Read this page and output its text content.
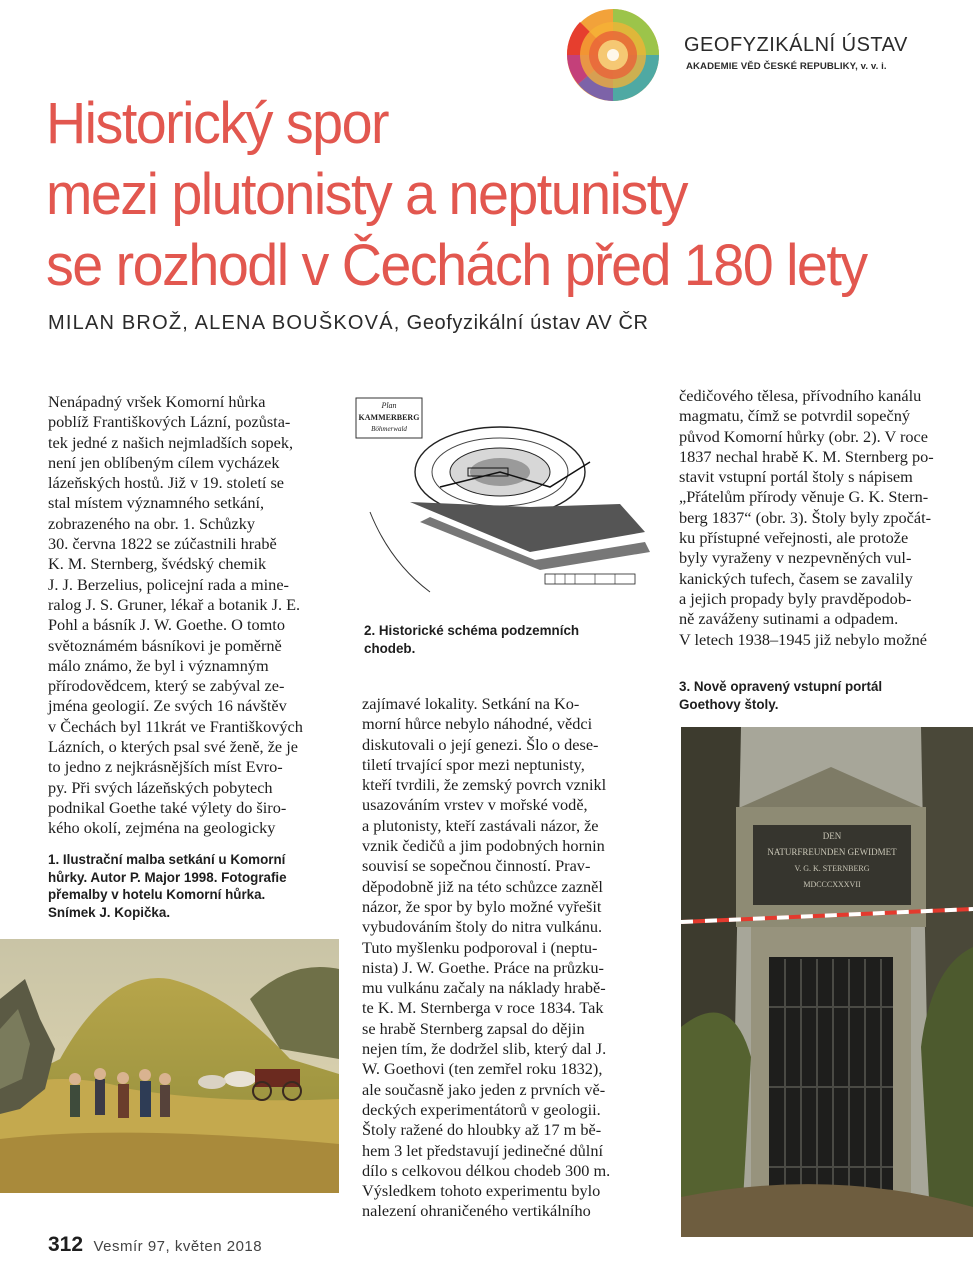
GEOFYZIKÁLNÍ ÚSTAV
AKADEMIE VĚD ČESKÉ REPUBLIKY, v. v. i.
Historický spor
mezi plutonisty a neptunisty
se rozhodl v Čechách před 180 lety
MILAN BROŽ, ALENA BOUŠKOVÁ, Geofyzikální ústav AV ČR
Nenápadný vršek Komorní hůrka
poblíž Františkových Lázní, pozůsta-
tek jedné z našich nejmladších sopek,
není jen oblíbeným cílem vycházek
lázeňských hostů. Již v 19. století se
stal místem významného setkání,
zobrazeného na obr. 1. Schůzky
30. června 1822 se zúčastnili hrabě
K. M. Sternberg, švédský chemik
J. J. Berzelius, policejní rada a mine-
ralog J. S. Gruner, lékař a botanik J. E.
Pohl a básník J. W. Goethe. O tomto
světoznámém básníkovi je poměrně
málo známo, že byl i významným
přírodovědcem, který se zabýval ze-
jména geologií. Ze svých 16 návštěv
v Čechách byl 11krát ve Františkových
Lázních, o kterých psal své ženě, že je
to jedno z nejkrásnějších míst Evro-
py. Při svých lázeňských pobytech
podnikal Goethe také výlety do širo-
kého okolí, zejména na geologicky
zajímavé lokality. Setkání na Ko-
morní hůrce nebylo náhodné, vědci
diskutovali o její genezi. Šlo o dese-
tiletí trvající spor mezi neptunisty,
kteří tvrdili, že zemský povrch vznikl
usazováním vrstev v mořské vodě,
a plutonisty, kteří zastávali názor, že
vznik čedičů a jim podobných hornin
souvisí se sopečnou činností. Prav-
děpodobně již na této schůzce zazněl
názor, že spor by bylo možné vyřešit
vybudováním štoly do nitra vulkánu.
Tuto myšlenku podporoval i (neptu-
nista) J. W. Goethe. Práce na průzku-
mu vulkánu začaly na náklady hrabě-
te K. M. Sternberga v roce 1834. Tak
se hrabě Sternberg zapsal do dějin
nejen tím, že dodržel slib, který dal J.
W. Goethovi (ten zemřel roku 1832),
ale současně jako jeden z prvních vě-
deckých experimentátorů v geologii.
Štoly ražené do hloubky až 17 m bě-
hem 3 let představují jedinečné důlní
dílo s celkovou délkou chodeb 300 m.
Výsledkem tohoto experimentu bylo
nalezení ohraničeného vertikálního
čedičového tělesa, přívodního kanálu
magmatu, čímž se potvrdil sopečný
původ Komorní hůrky (obr. 2). V roce
1837 nechal hrabě K. M. Sternberg po-
stavit vstupní portál štoly s nápisem
„Přátelům přírody věnuje G. K. Stern-
berg 1837“ (obr. 3). Štoly byly zpočát-
ku přístupné veřejnosti, ale protože
byly vyraženy v nezpevněných vul-
kanických tufech, časem se zavalily
a jejich propady byly pravděpodob-
ně zaváženy sutinami a odpadem.
V letech 1938–1945 již nebylo možné
1. Ilustrační malba setkání u Komorní
hůrky. Autor P. Major 1998. Fotografie
přemalby v hotelu Komorní hůrka.
Snímek J. Kopička.
2. Historické schéma podzemních
chodeb.
3. Nově opravený vstupní portál
Goethovy štoly.
Plan
KAMMERBERG
Böhmerwald
DEN
NATURFREUNDEN GEWIDMET
V. G. K. STERNBERG
MDCCCXXXVII
312 Vesmír 97, květen 2018
